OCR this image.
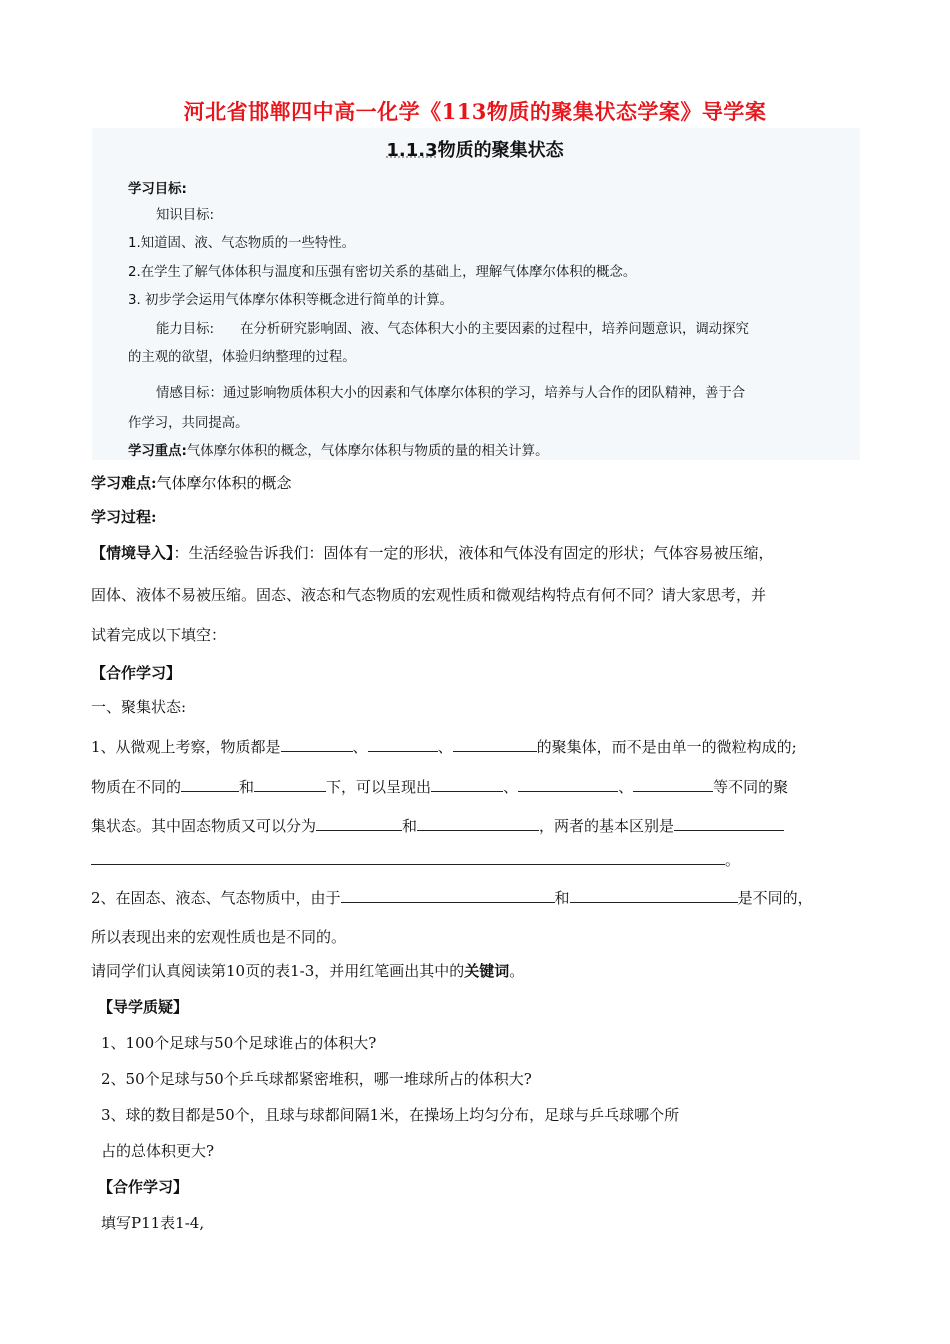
河北省邯郸四中高一化学《113物质的聚集状态学案》导学案
1.1.3物质的聚集状态
学习目标:
知识目标:
1.知道固、液、气态物质的一些特性。
2.在学生了解气体体积与温度和压强有密切关系的基础上，理解气体摩尔体积的概念。
3. 初步学会运用气体摩尔体积等概念进行简单的计算。
能力目标: 在分析研究影响固、液、气态体积大小的主要因素的过程中，培养问题意识，调动探究
的主观的欲望，体验归纳整理的过程。
情感目标：通过影响物质体积大小的因素和气体摩尔体积的学习，培养与人合作的团队精神，善于合
作学习，共同提高。
学习重点:气体摩尔体积的概念，气体摩尔体积与物质的量的相关计算。
学习难点:气体摩尔体积的概念
学习过程:
【情境导入】：生活经验告诉我们：固体有一定的形状，液体和气体没有固定的形状；气体容易被压缩，
固体、液体不易被压缩。固态、液态和气态物质的宏观性质和微观结构特点有何不同？请大家思考，并
试着完成以下填空：
【合作学习】
一、聚集状态:
1、从微观上考察，物质都是	、	、	的聚集体，而不是由单一的微粒构成的;
物质在不同的	和	下，可以呈现出	、	、	等不同的聚
集状态。其中固态物质又可以分为	和	，两者的基本区别是
。
2、在固态、液态、气态物质中，由于	和	是不同的，
所以表现出来的宏观性质也是不同的。
请同学们认真阅读第10页的表1-3，并用红笔画出其中的关键词。
【导学质疑】
1、100个足球与50个足球谁占的体积大?
2、50个足球与50个乒乓球都紧密堆积，哪一堆球所占的体积大?
3、球的数目都是50个，且球与球都间隔1米，在操场上均匀分布，足球与乒乓球哪个所
占的总体积更大?
【合作学习】
填写P11表1-4,
